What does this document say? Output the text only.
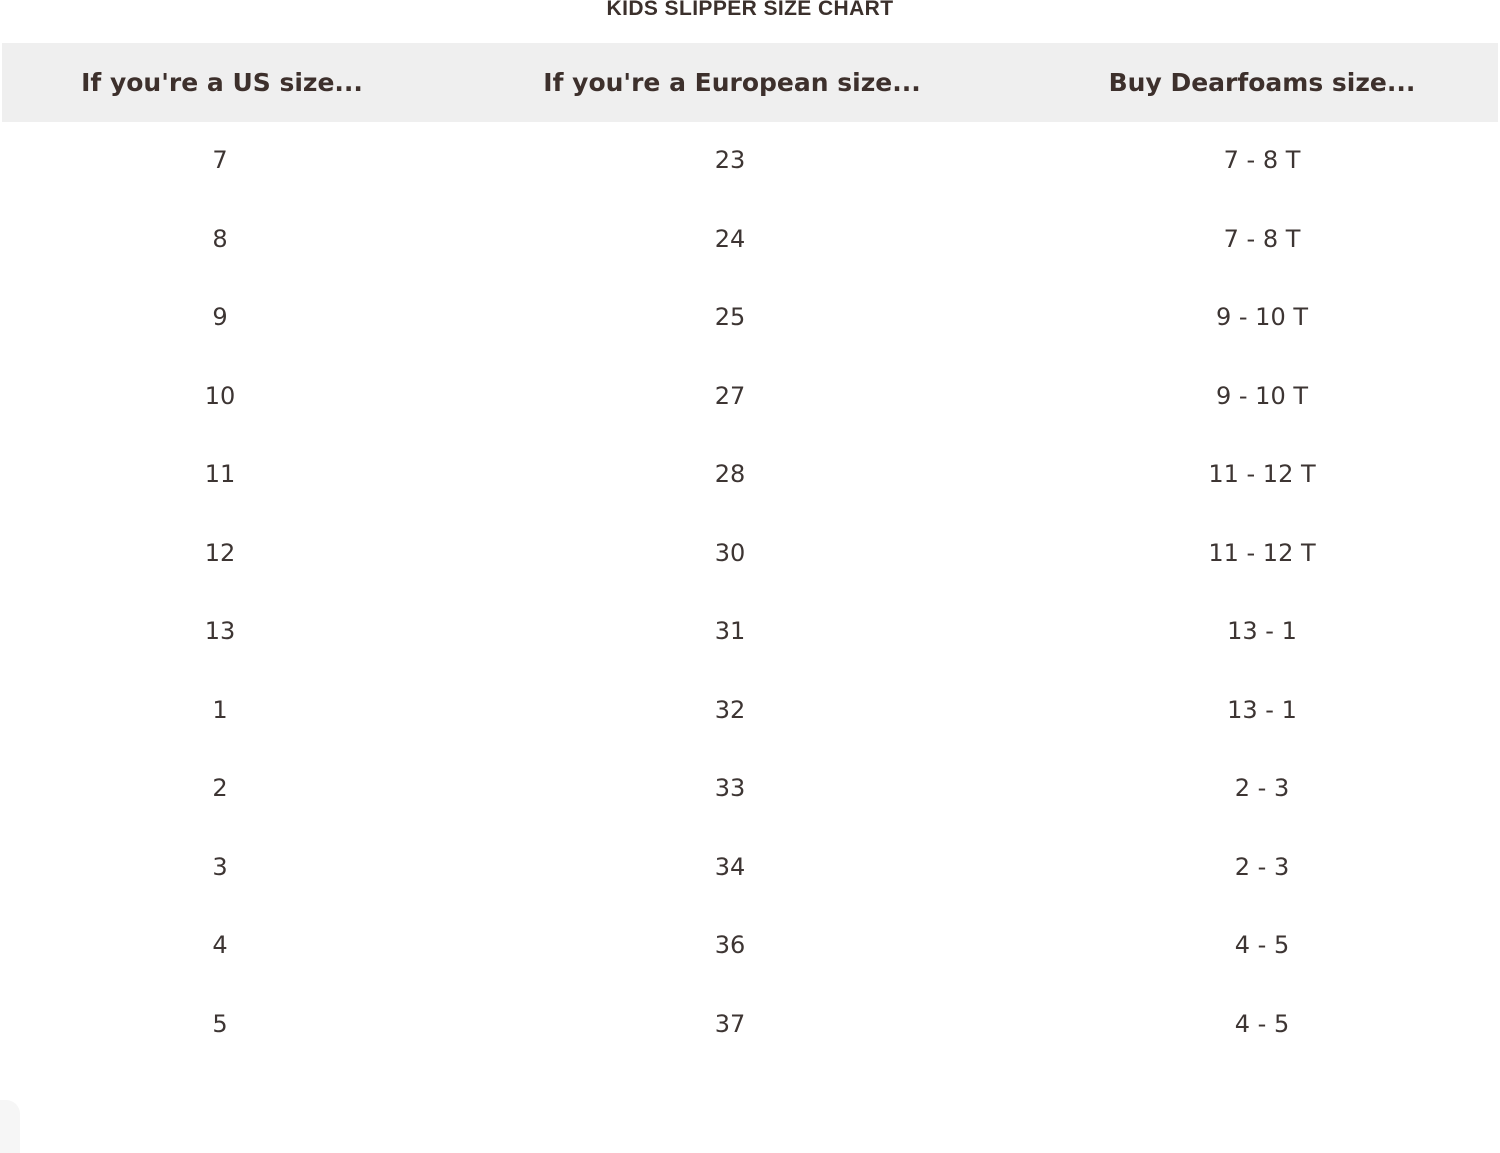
KIDS SLIPPER SIZE CHART
If you're a US size...	If you're a European size...	Buy Dearfoams size...
7	23	7 - 8 T
8	24	7 - 8 T
9	25	9 - 10 T
10	27	9 - 10 T
11	28	11 - 12 T
12	30	11 - 12 T
13	31	13 - 1
1	32	13 - 1
2	33	2 - 3
3	34	2 - 3
4	36	4 - 5
5	37	4 - 5
